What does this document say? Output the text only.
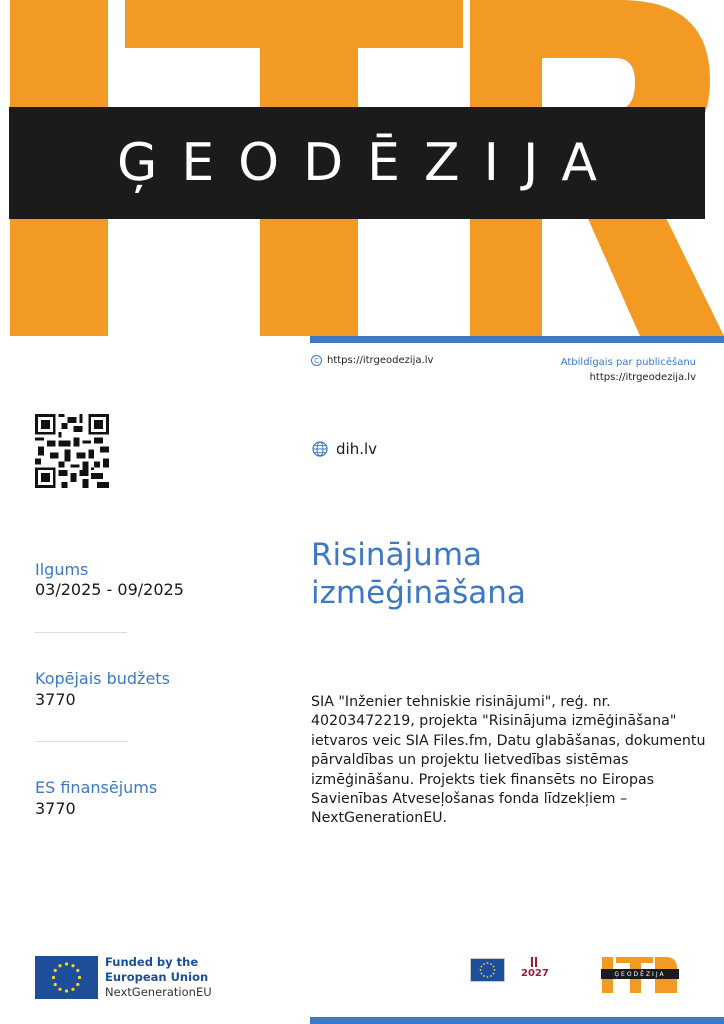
ĢEODĒZIJA
C https://itrgeodezija.lv	Atbildīgais par publicēšanu
https://itrgeodezija.lv
dih.lv
Ilgums
03/2025 - 09/2025
Kopējais budžets
3770
ES finansējums
3770
Risinājuma izmēģināšana
SIA "Inženier tehniskie risinājumi", reģ. nr. 40203472219, projekta "Risinājuma izmēģināšana" ietvaros veic SIA Files.fm, Datu glabāšanas, dokumentu pārvaldības un projektu lietvedības sistēmas izmēģināšanu. Projekts tiek finansēts no Eiropas Savienības Atveseļošanas fonda līdzekļiem – NextGenerationEU.
Funded by the
European Union
NextGenerationEU
2027	ĢEODĒZIJA
